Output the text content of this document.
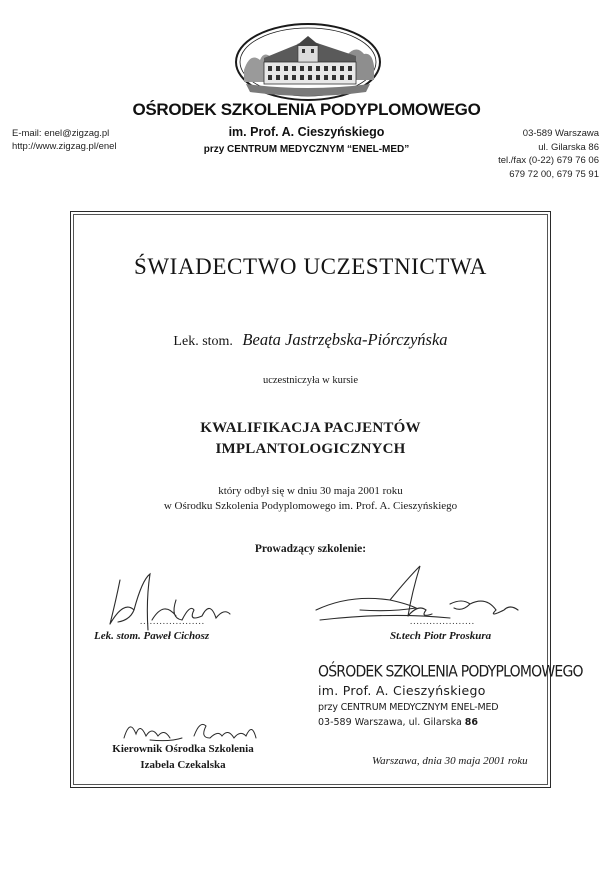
OŚRODEK SZKOLENIA PODYPLOMOWEGO
im. Prof. A. Cieszyńskiego
przy CENTRUM MEDYCZNYM “ENEL-MED”
E-mail: enel@zigzag.pl
http://www.zigzag.pl/enel
03-589 Warszawa
ul. Gilarska 86
tel./fax (0-22) 679 76 06
679 72 00, 679 75 91
ŚWIADECTWO UCZESTNICTWA
Lek. stom. Beata Jastrzębska-Piórczyńska
uczestniczyła w kursie
KWALIFIKACJA PACJENTÓW
IMPLANTOLOGICZNYCH
który odbył się w dniu 30 maja 2001 roku
w Ośrodku Szkolenia Podyplomowego im. Prof. A. Cieszyńskiego
Prowadzący szkolenie:
....................	....................
Lek. stom. Paweł Cichosz	St.tech Piotr Proskura
OŚRODEK SZKOLENIA PODYPLOMOWEGO
im. Prof. A. Cieszyńskiego
przy CENTRUM MEDYCZNYM ENEL-MED
03-589 Warszawa, ul. Gilarska 86
Kierownik Ośrodka Szkolenia
Izabela Czekalska	Warszawa, dnia 30 maja 2001 roku
